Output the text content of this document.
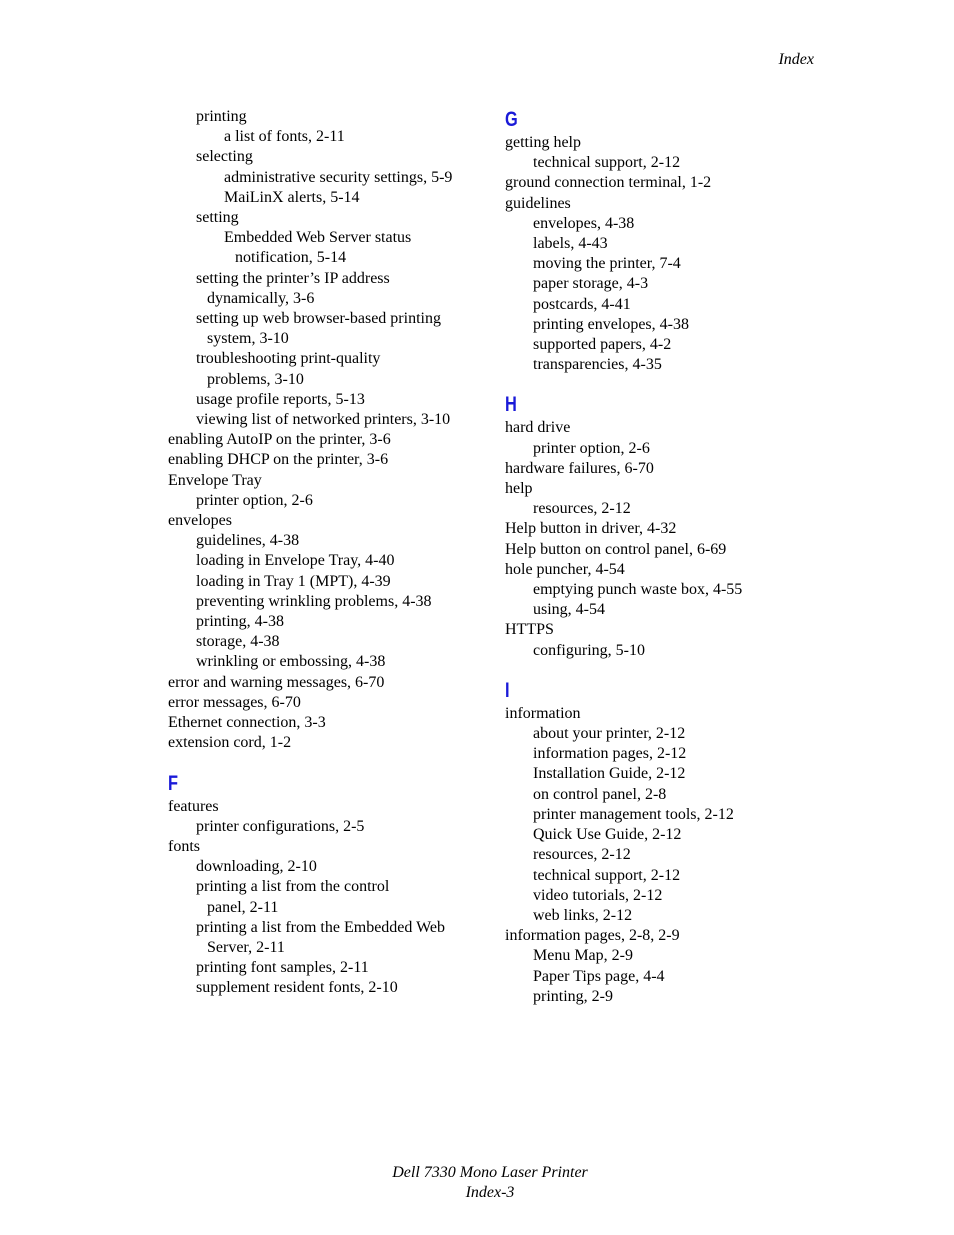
Index
printing
a list of fonts, 2-11
selecting
administrative security settings, 5-9
MaiLinX alerts, 5-14
setting
Embedded Web Server status
notification, 5-14
setting the printer’s IP address
dynamically, 3-6
setting up web browser-based printing
system, 3-10
troubleshooting print-quality
problems, 3-10
usage profile reports, 5-13
viewing list of networked printers, 3-10
enabling AutoIP on the printer, 3-6
enabling DHCP on the printer, 3-6
Envelope Tray
printer option, 2-6
envelopes
guidelines, 4-38
loading in Envelope Tray, 4-40
loading in Tray 1 (MPT), 4-39
preventing wrinkling problems, 4-38
printing, 4-38
storage, 4-38
wrinkling or embossing, 4-38
error and warning messages, 6-70
error messages, 6-70
Ethernet connection, 3-3
extension cord, 1-2
F
features
printer configurations, 2-5
fonts
downloading, 2-10
printing a list from the control
panel, 2-11
printing a list from the Embedded Web
Server, 2-11
printing font samples, 2-11
supplement resident fonts, 2-10
G
getting help
technical support, 2-12
ground connection terminal, 1-2
guidelines
envelopes, 4-38
labels, 4-43
moving the printer, 7-4
paper storage, 4-3
postcards, 4-41
printing envelopes, 4-38
supported papers, 4-2
transparencies, 4-35
H
hard drive
printer option, 2-6
hardware failures, 6-70
help
resources, 2-12
Help button in driver, 4-32
Help button on control panel, 6-69
hole puncher, 4-54
emptying punch waste box, 4-55
using, 4-54
HTTPS
configuring, 5-10
I
information
about your printer, 2-12
information pages, 2-12
Installation Guide, 2-12
on control panel, 2-8
printer management tools, 2-12
Quick Use Guide, 2-12
resources, 2-12
technical support, 2-12
video tutorials, 2-12
web links, 2-12
information pages, 2-8, 2-9
Menu Map, 2-9
Paper Tips page, 4-4
printing, 2-9
Dell 7330 Mono Laser Printer
Index-3
